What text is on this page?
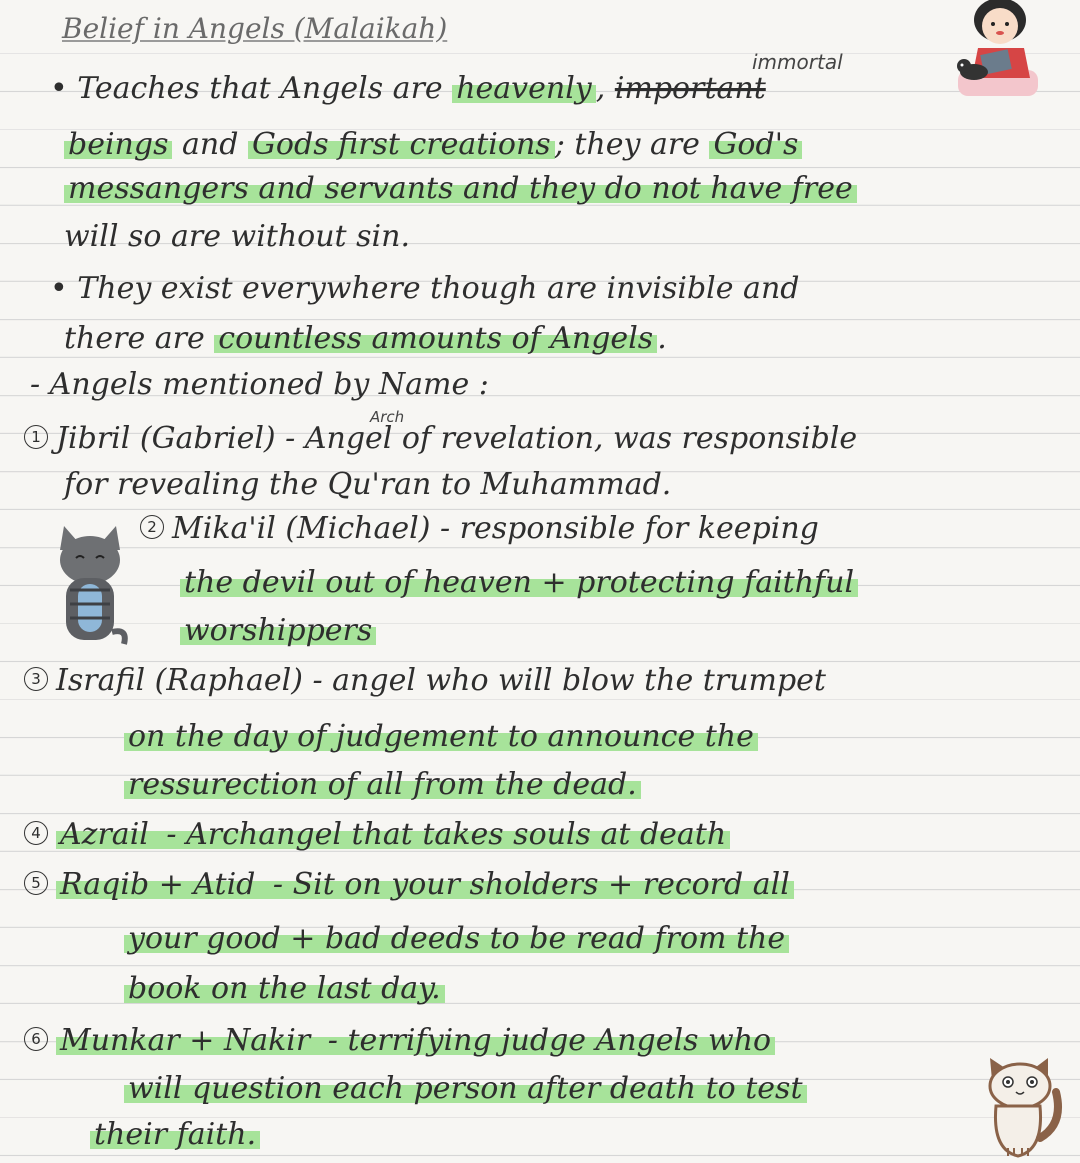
Belief in Angels (Malaikah)
immortal
• Teaches that Angels are heavenly , important
beings and Gods first creations ; they are God's
messangers and servants and they do not have free
will so are without sin.
• They exist everywhere though are invisible and
there are countless amounts of Angels .
- Angels mentioned by Name :
Arch
1 Jibril (Gabriel) - Angel of revelation, was responsible
for revealing the Qu'ran to Muhammad.
2 Mika'il (Michael) - responsible for keeping
the devil out of heaven + protecting faithful
worshippers
3 Israfil (Raphael) - angel who will blow the trumpet
on the day of judgement to announce the
ressurection of all from the dead.
4 Azrail - Archangel that takes souls at death
5 Raqib + Atid - Sit on your sholders + record all
your good + bad deeds to be read from the
book on the last day.
6 Munkar + Nakir - terrifying judge Angels who
will question each person after death to test
their faith.
